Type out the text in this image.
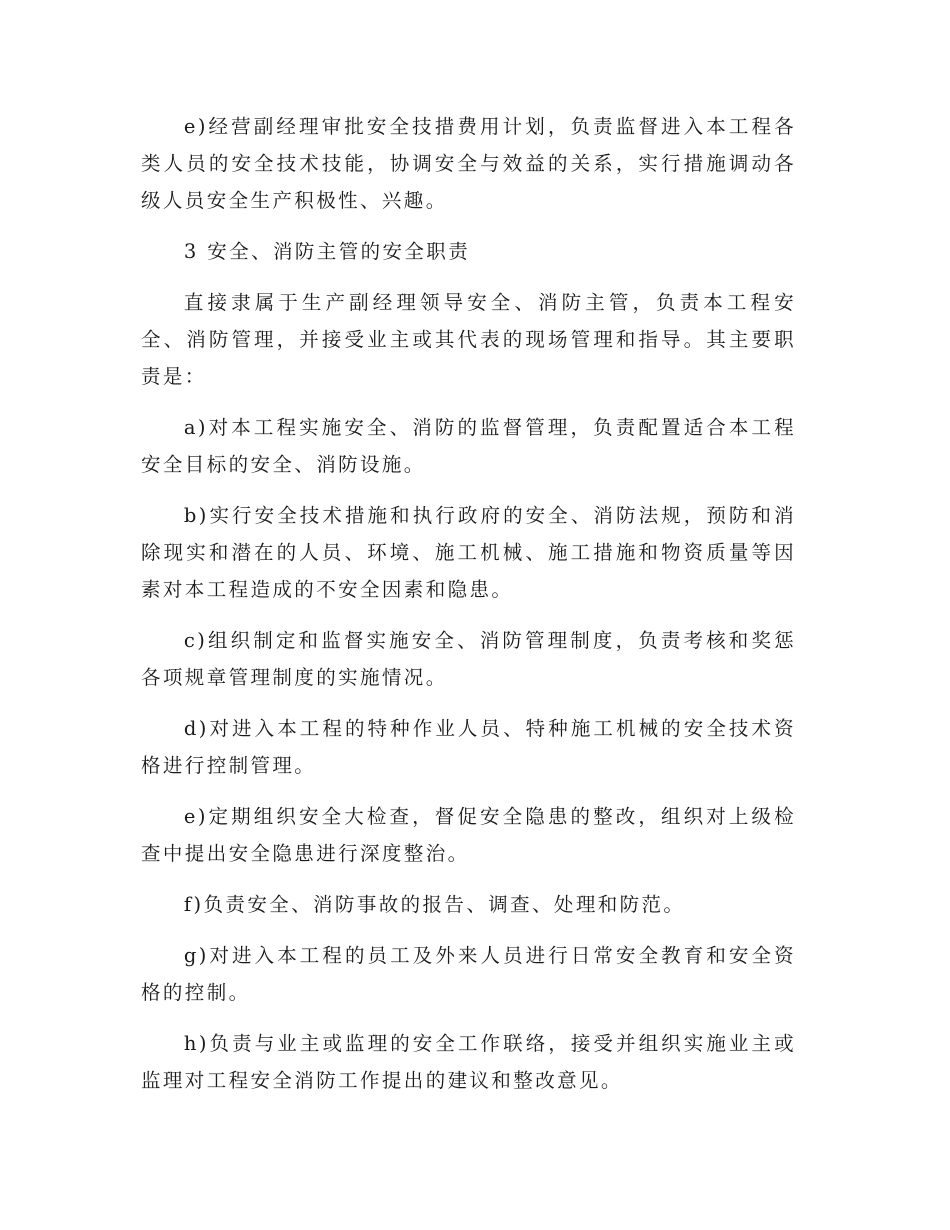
e)经营副经理审批安全技措费用计划，负责监督进入本工程各类人员的安全技术技能，协调安全与效益的关系，实行措施调动各级人员安全生产积极性、兴趣。

3 安全、消防主管的安全职责

直接隶属于生产副经理领导安全、消防主管，负责本工程安全、消防管理，并接受业主或其代表的现场管理和指导。其主要职责是：

a)对本工程实施安全、消防的监督管理，负责配置适合本工程安全目标的安全、消防设施。

b)实行安全技术措施和执行政府的安全、消防法规，预防和消除现实和潜在的人员、环境、施工机械、施工措施和物资质量等因素对本工程造成的不安全因素和隐患。

c)组织制定和监督实施安全、消防管理制度，负责考核和奖惩各项规章管理制度的实施情况。

d)对进入本工程的特种作业人员、特种施工机械的安全技术资格进行控制管理。

e)定期组织安全大检查，督促安全隐患的整改，组织对上级检查中提出安全隐患进行深度整治。

f)负责安全、消防事故的报告、调查、处理和防范。

g)对进入本工程的员工及外来人员进行日常安全教育和安全资格的控制。

h)负责与业主或监理的安全工作联络，接受并组织实施业主或监理对工程安全消防工作提出的建议和整改意见。
